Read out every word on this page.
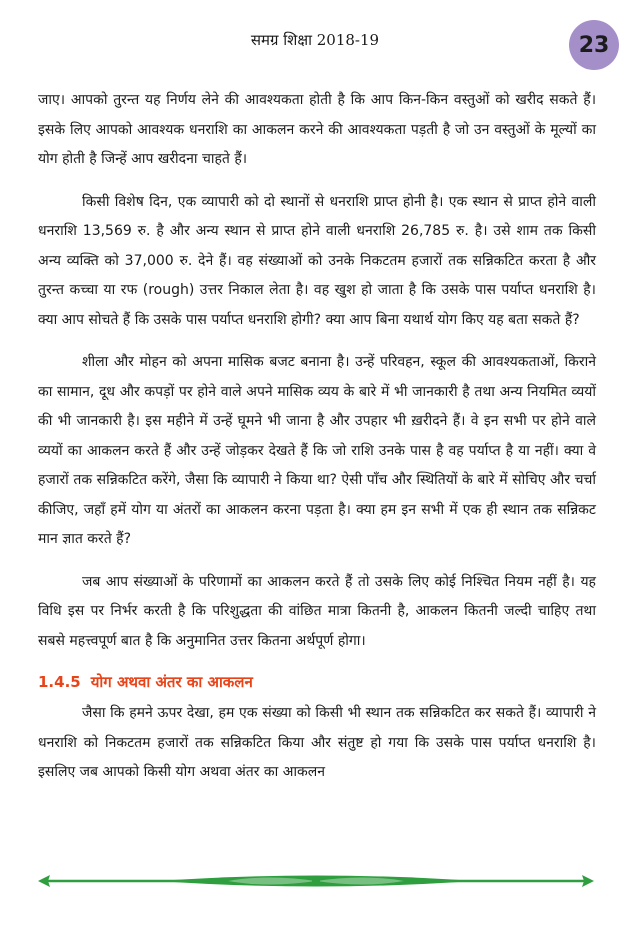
समग्र शिक्षा 2018-19	23

जाए। आपको तुरन्त यह निर्णय लेने की आवश्यकता होती है कि आप किन-किन वस्तुओं को खरीद सकते हैं। इसके लिए आपको आवश्यक धनराशि का आकलन करने की आवश्यकता पड़ती है जो उन वस्तुओं के मूल्यों का योग होती है जिन्हें आप खरीदना चाहते हैं।

किसी विशेष दिन, एक व्यापारी को दो स्थानों से धनराशि प्राप्त होनी है। एक स्थान से प्राप्त होने वाली धनराशि 13,569 रु. है और अन्य स्थान से प्राप्त होने वाली धनराशि 26,785 रु. है। उसे शाम तक किसी अन्य व्यक्ति को 37,000 रु. देने हैं। वह संख्याओं को उनके निकटतम हजारों तक सन्निकटित करता है और तुरन्त कच्चा या रफ (rough) उत्तर निकाल लेता है। वह खुश हो जाता है कि उसके पास पर्याप्त धनराशि है। क्या आप सोचते हैं कि उसके पास पर्याप्त धनराशि होगी? क्या आप बिना यथार्थ योग किए यह बता सकते हैं?

शीला और मोहन को अपना मासिक बजट बनाना है। उन्हें परिवहन, स्कूल की आवश्यकताओं, किराने का सामान, दूध और कपड़ों पर होने वाले अपने मासिक व्यय के बारे में भी जानकारी है तथा अन्य नियमित व्ययों की भी जानकारी है। इस महीने में उन्हें घूमने भी जाना है और उपहार भी ख़रीदने हैं। वे इन सभी पर होने वाले व्ययों का आकलन करते हैं और उन्हें जोड़कर देखते हैं कि जो राशि उनके पास है वह पर्याप्त है या नहीं। क्या वे हजारों तक सन्निकटित करेंगे, जैसा कि व्यापारी ने किया था? ऐसी पाँच और स्थितियों के बारे में सोचिए और चर्चा कीजिए, जहाँ हमें योग या अंतरों का आकलन करना पड़ता है। क्या हम इन सभी में एक ही स्थान तक सन्निकट मान ज्ञात करते हैं?

जब आप संख्याओं के परिणामों का आकलन करते हैं तो उसके लिए कोई निश्चित नियम नहीं है। यह विधि इस पर निर्भर करती है कि परिशुद्धता की वांछित मात्रा कितनी है, आकलन कितनी जल्दी चाहिए तथा सबसे महत्त्वपूर्ण बात है कि अनुमानित उत्तर कितना अर्थपूर्ण होगा।

1.4.5 योग अथवा अंतर का आकलन

जैसा कि हमने ऊपर देखा, हम एक संख्या को किसी भी स्थान तक सन्निकटित कर सकते हैं। व्यापारी ने धनराशि को निकटतम हजारों तक सन्निकटित किया और संतुष्ट हो गया कि उसके पास पर्याप्त धनराशि है। इसलिए जब आपको किसी योग अथवा अंतर का आकलन
